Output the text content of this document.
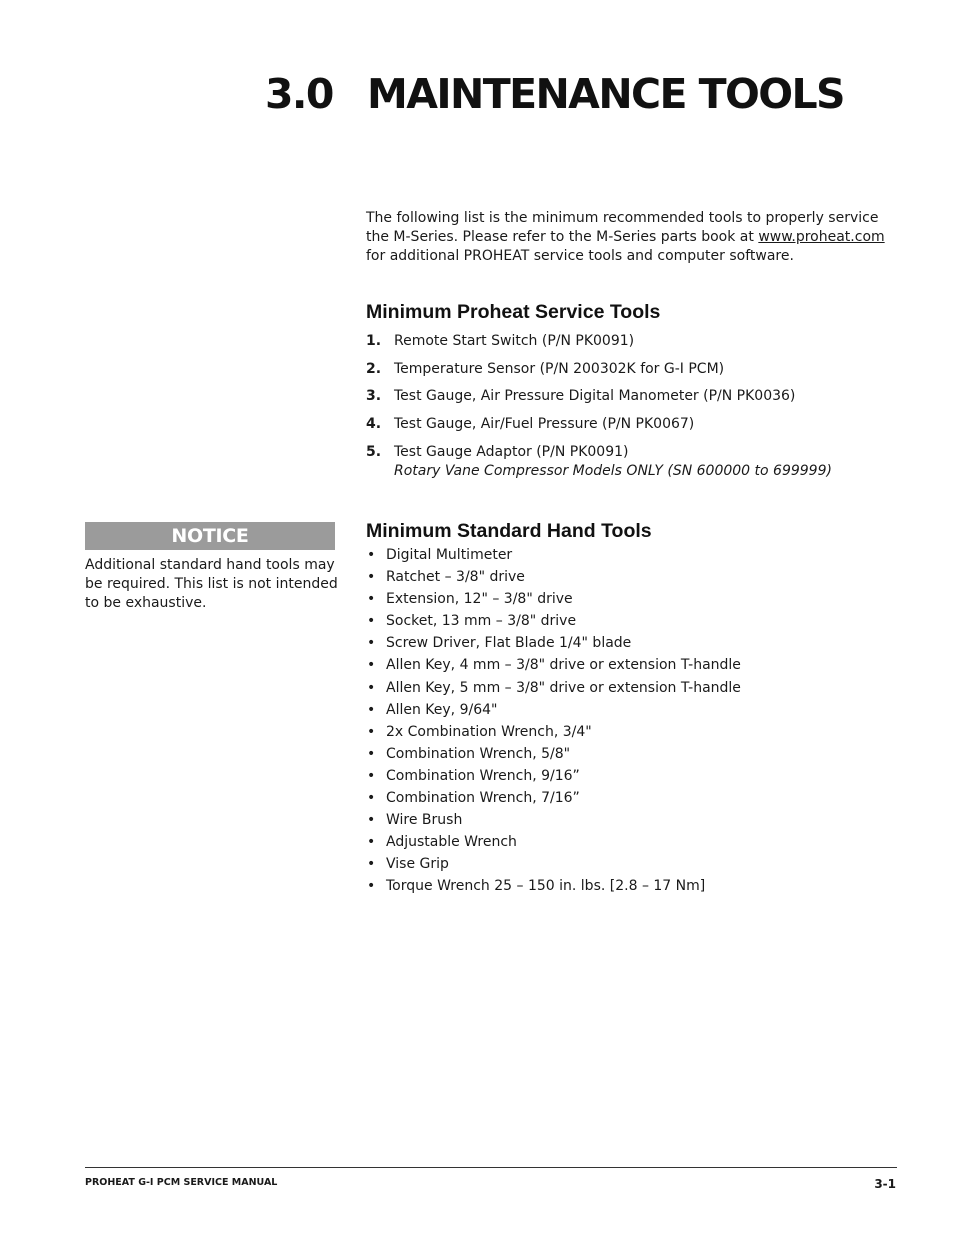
3.0 MAINTENANCE TOOLS

The following list is the minimum recommended tools to properly service the M-Series. Please refer to the M-Series parts book at www.proheat.com for additional PROHEAT service tools and computer software.

Minimum Proheat Service Tools
1. Remote Start Switch (P/N PK0091)
2. Temperature Sensor (P/N 200302K for G-I PCM)
3. Test Gauge, Air Pressure Digital Manometer (P/N PK0036)
4. Test Gauge, Air/Fuel Pressure (P/N PK0067)
5. Test Gauge Adaptor (P/N PK0091)
Rotary Vane Compressor Models ONLY (SN 600000 to 699999)
NOTICE

Additional standard hand tools may be required. This list is not intended to be exhaustive.

Minimum Standard Hand Tools
• Digital Multimeter
• Ratchet – 3/8" drive
• Extension, 12" – 3/8" drive
• Socket, 13 mm – 3/8" drive
• Screw Driver, Flat Blade 1/4" blade
• Allen Key, 4 mm – 3/8" drive or extension T-handle
• Allen Key, 5 mm – 3/8" drive or extension T-handle
• Allen Key, 9/64"
• 2x Combination Wrench, 3/4"
• Combination Wrench, 5/8"
• Combination Wrench, 9/16”
• Combination Wrench, 7/16”
• Wire Brush
• Adjustable Wrench
• Vise Grip
• Torque Wrench 25 – 150 in. lbs. [2.8 – 17 Nm]
PROHEAT G-I PCM SERVICE MANUAL	3-1
